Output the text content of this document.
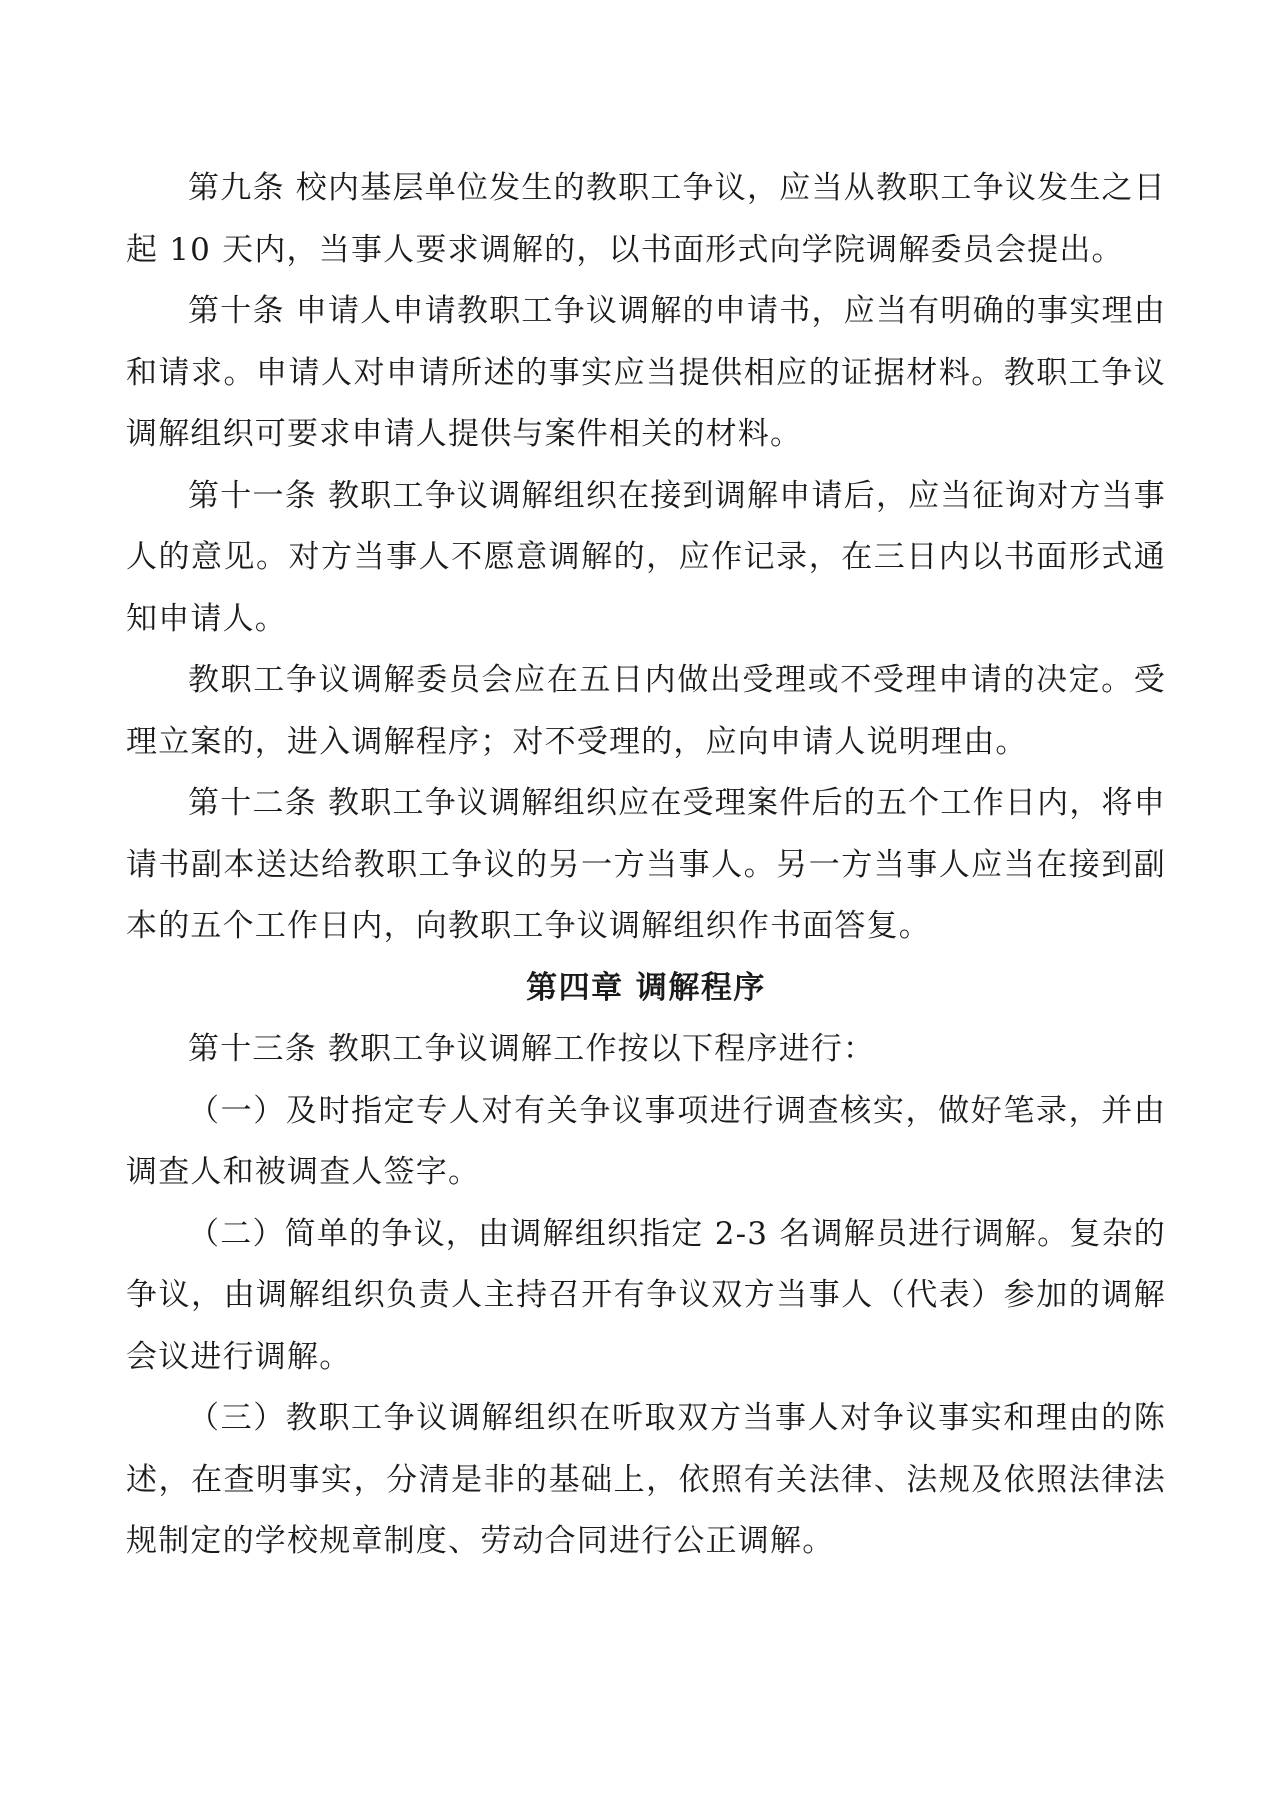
第九条 校内基层单位发生的教职工争议，应当从教职工争议发生之日起 10 天内，当事人要求调解的，以书面形式向学院调解委员会提出。

第十条 申请人申请教职工争议调解的申请书，应当有明确的事实理由和请求。申请人对申请所述的事实应当提供相应的证据材料。教职工争议调解组织可要求申请人提供与案件相关的材料。

第十一条 教职工争议调解组织在接到调解申请后，应当征询对方当事人的意见。对方当事人不愿意调解的，应作记录，在三日内以书面形式通知申请人。

教职工争议调解委员会应在五日内做出受理或不受理申请的决定。受理立案的，进入调解程序；对不受理的，应向申请人说明理由。

第十二条 教职工争议调解组织应在受理案件后的五个工作日内，将申请书副本送达给教职工争议的另一方当事人。另一方当事人应当在接到副本的五个工作日内，向教职工争议调解组织作书面答复。

第四章 调解程序

第十三条 教职工争议调解工作按以下程序进行：

（一）及时指定专人对有关争议事项进行调查核实，做好笔录，并由调查人和被调查人签字。

（二）简单的争议，由调解组织指定 2-3 名调解员进行调解。复杂的争议，由调解组织负责人主持召开有争议双方当事人（代表）参加的调解会议进行调解。

（三）教职工争议调解组织在听取双方当事人对争议事实和理由的陈述，在查明事实，分清是非的基础上，依照有关法律、法规及依照法律法规制定的学校规章制度、劳动合同进行公正调解。
